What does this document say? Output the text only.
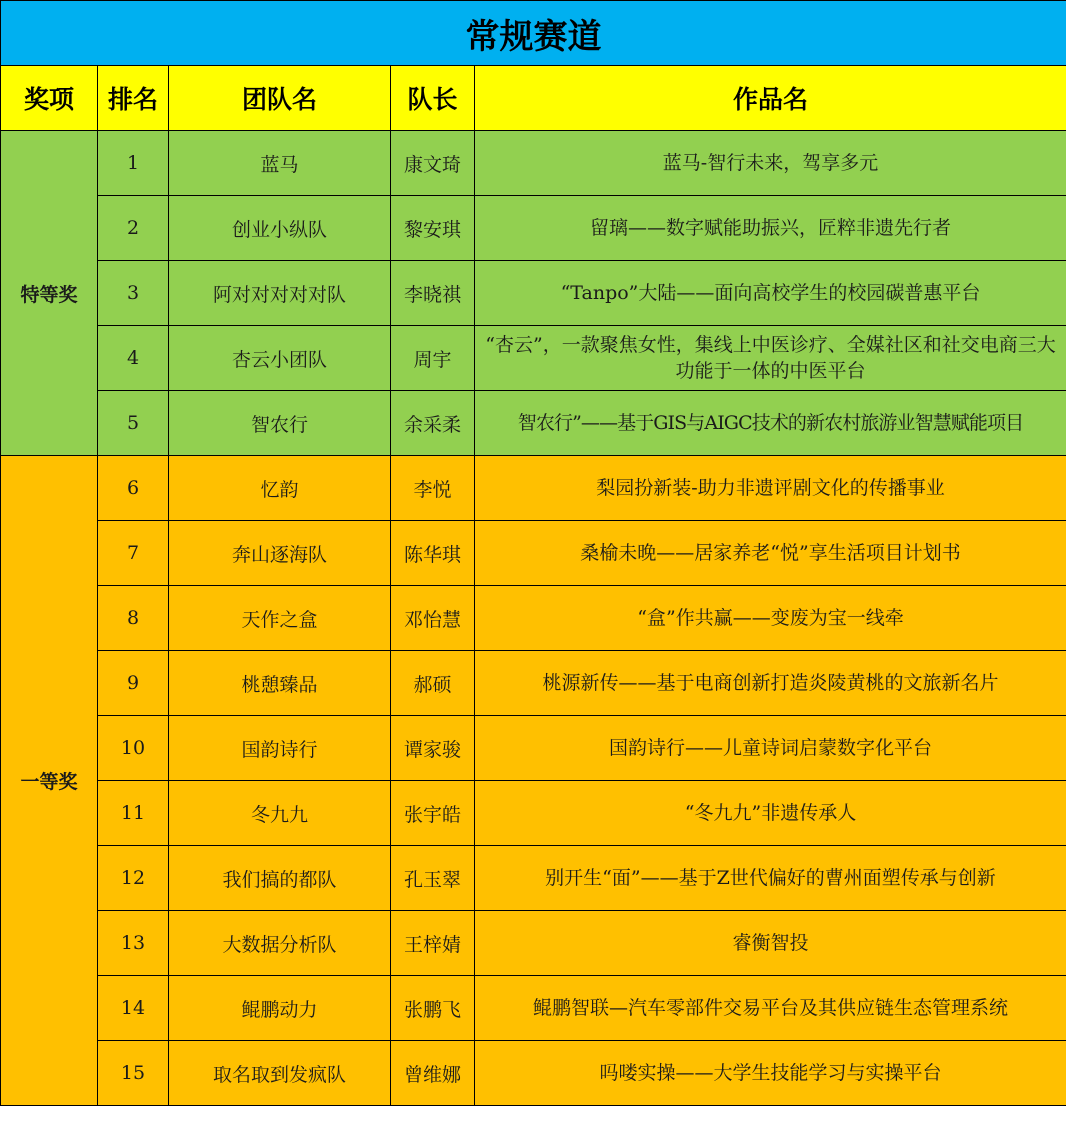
常规赛道				
奖项	排名	团队名	队长	作品名
特等奖	1	蓝马	康文琦	蓝马-智行未来，驾享多元
	2	创业小纵队	黎安琪	留璃——数字赋能助振兴，匠粹非遗先行者
	3	阿对对对对对队	李晓祺	“Tanpo”大陆——面向高校学生的校园碳普惠平台
	4	杏云小团队	周宇	“杏云”，一款聚焦女性，集线上中医诊疗、全媒社区和社交电商三大功能于一体的中医平台
	5	智农行	余采柔	智农行”——基于GIS与AIGC技术的新农村旅游业智慧赋能项目
一等奖	6	忆韵	李悦	梨园扮新装-助力非遗评剧文化的传播事业
	7	奔山逐海队	陈华琪	桑榆未晚——居家养老“悦”享生活项目计划书
	8	天作之盒	邓怡慧	“盒”作共赢——变废为宝一线牵
	9	桃憩臻品	郝硕	桃源新传——基于电商创新打造炎陵黄桃的文旅新名片
	10	国韵诗行	谭家骏	国韵诗行——儿童诗词启蒙数字化平台
	11	冬九九	张宇皓	“冬九九”非遗传承人
	12	我们搞的都队	孔玉翠	别开生“面”——基于Z世代偏好的曹州面塑传承与创新
	13	大数据分析队	王梓婧	睿衡智投
	14	鲲鹏动力	张鹏飞	鲲鹏智联—汽车零部件交易平台及其供应链生态管理系统
	15	取名取到发疯队	曾维娜	吗喽实操——大学生技能学习与实操平台
